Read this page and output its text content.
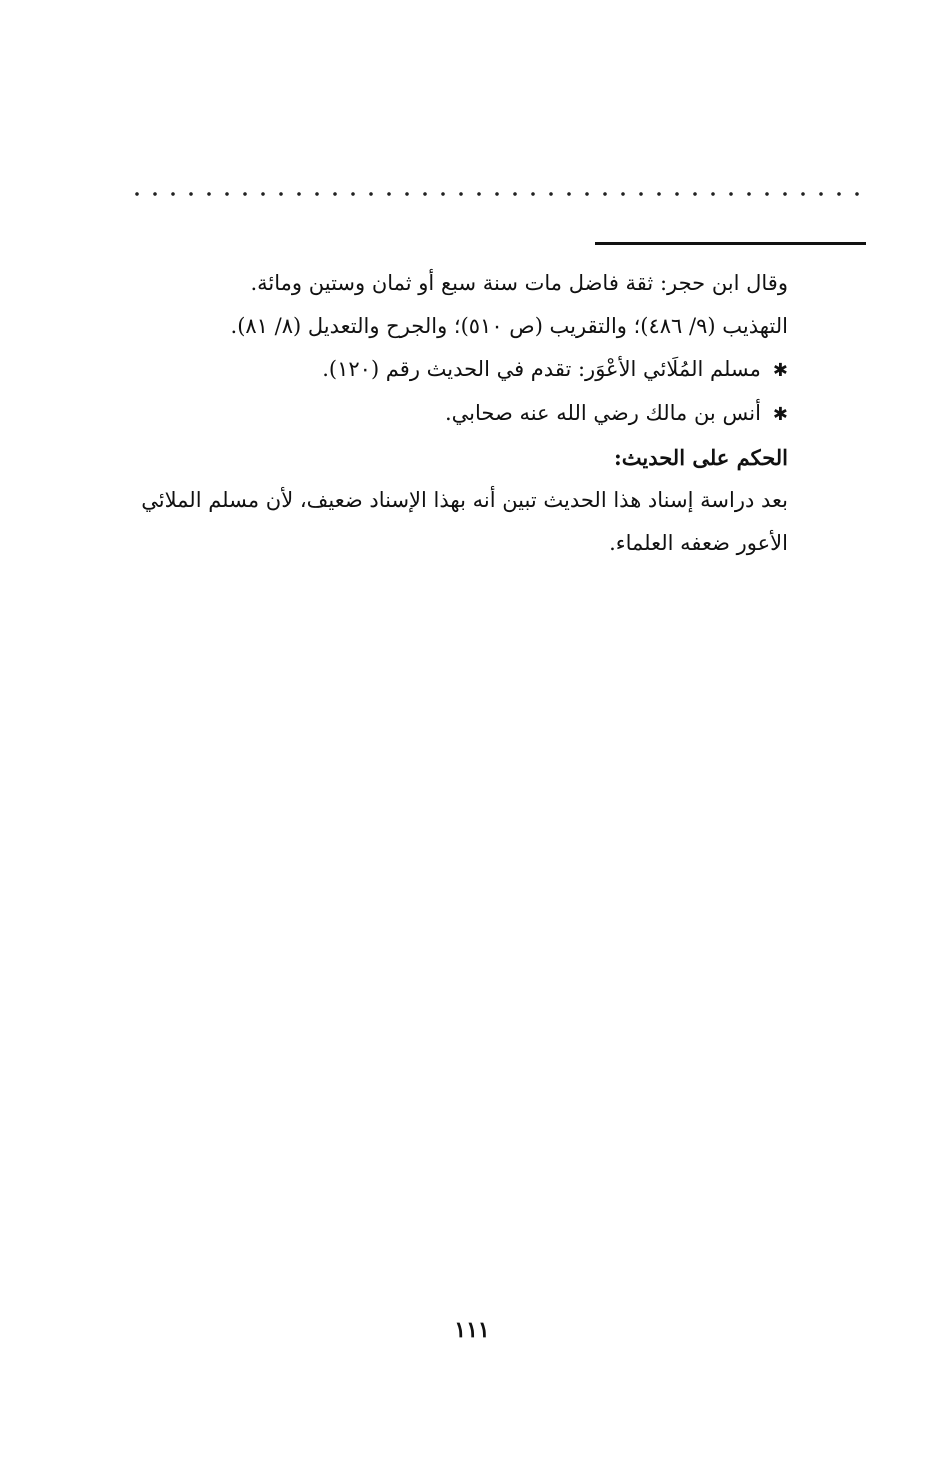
وقال ابن حجر: ثقة فاضل مات سنة سبع أو ثمان وستين ومائة.

التهذيب (٩/ ٤٨٦)؛ والتقريب (ص ٥١٠)؛ والجرح والتعديل (٨/ ٨١).

✱مسلم المُلَائي الأعْوَر: تقدم في الحديث رقم (١٢٠).

✱أنس بن مالك رضي الله عنه صحابي.

الحكم على الحديث:

بعد دراسة إسناد هذا الحديث تبين أنه بهذا الإسناد ضعيف، لأن مسلم الملائي الأعور ضعفه العلماء.

١١١
